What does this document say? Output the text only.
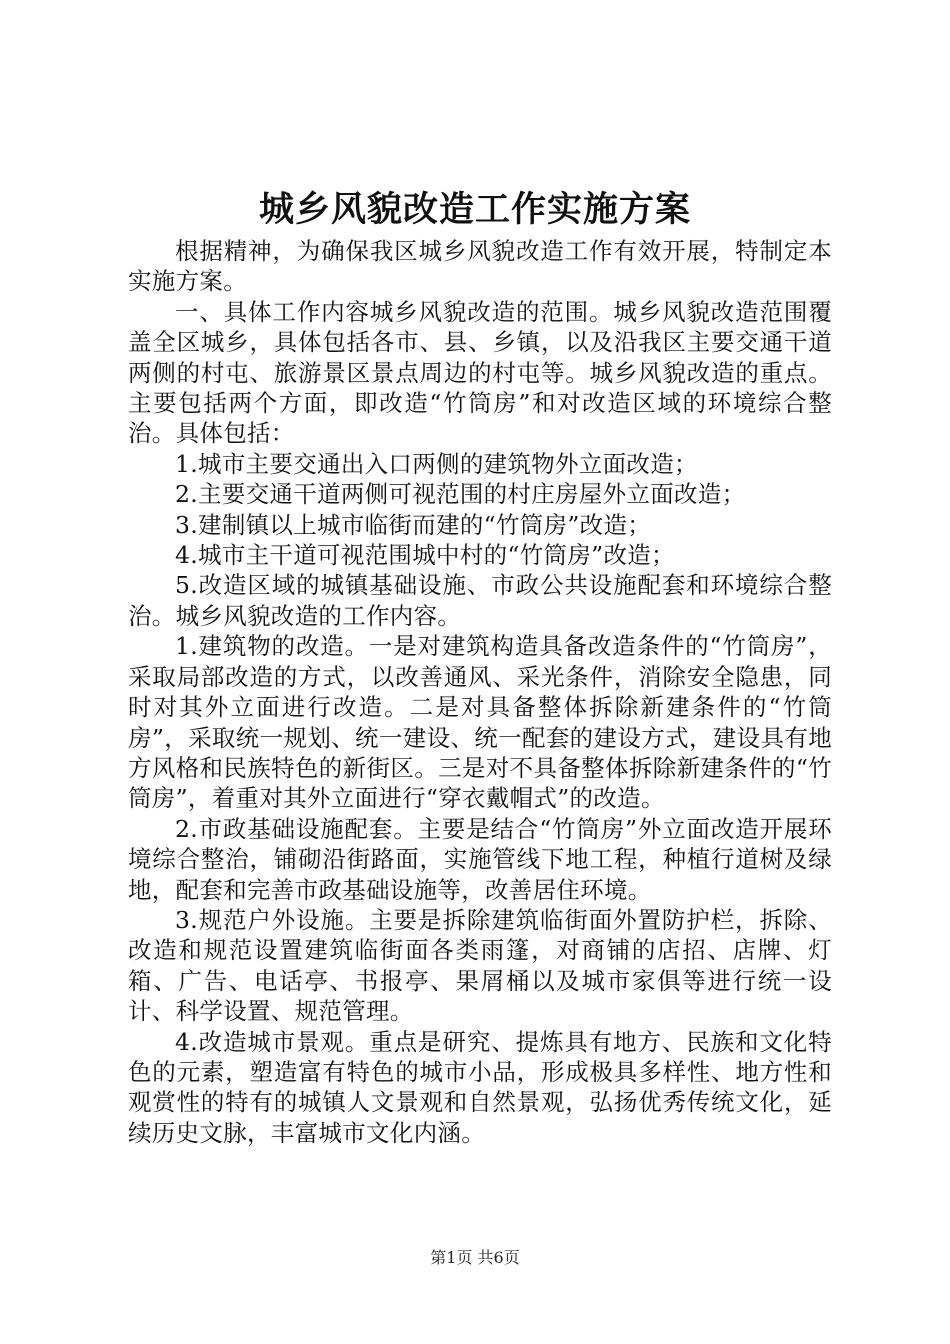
城乡风貌改造工作实施方案

根据精神，为确保我区城乡风貌改造工作有效开展，特制定本实施方案。

一、具体工作内容城乡风貌改造的范围。城乡风貌改造范围覆盖全区城乡，具体包括各市、县、乡镇，以及沿我区主要交通干道两侧的村屯、旅游景区景点周边的村屯等。城乡风貌改造的重点。主要包括两个方面，即改造“竹筒房”和对改造区域的环境综合整治。具体包括：

1.城市主要交通出入口两侧的建筑物外立面改造；

2.主要交通干道两侧可视范围的村庄房屋外立面改造；

3.建制镇以上城市临街而建的“竹筒房”改造；

4.城市主干道可视范围城中村的“竹筒房”改造；

5.改造区域的城镇基础设施、市政公共设施配套和环境综合整治。城乡风貌改造的工作内容。

1.建筑物的改造。一是对建筑构造具备改造条件的“竹筒房”，采取局部改造的方式，以改善通风、采光条件，消除安全隐患，同时对其外立面进行改造。二是对具备整体拆除新建条件的“竹筒房”，采取统一规划、统一建设、统一配套的建设方式，建设具有地方风格和民族特色的新街区。三是对不具备整体拆除新建条件的“竹筒房”，着重对其外立面进行“穿衣戴帽式”的改造。

2.市政基础设施配套。主要是结合“竹筒房”外立面改造开展环境综合整治，铺砌沿街路面，实施管线下地工程，种植行道树及绿地，配套和完善市政基础设施等，改善居住环境。

3.规范户外设施。主要是拆除建筑临街面外置防护栏，拆除、改造和规范设置建筑临街面各类雨篷，对商铺的店招、店牌、灯箱、广告、电话亭、书报亭、果屑桶以及城市家俱等进行统一设计、科学设置、规范管理。

4.改造城市景观。重点是研究、提炼具有地方、民族和文化特色的元素，塑造富有特色的城市小品，形成极具多样性、地方性和观赏性的特有的城镇人文景观和自然景观，弘扬优秀传统文化，延续历史文脉，丰富城市文化内涵。

第1页 共6页
